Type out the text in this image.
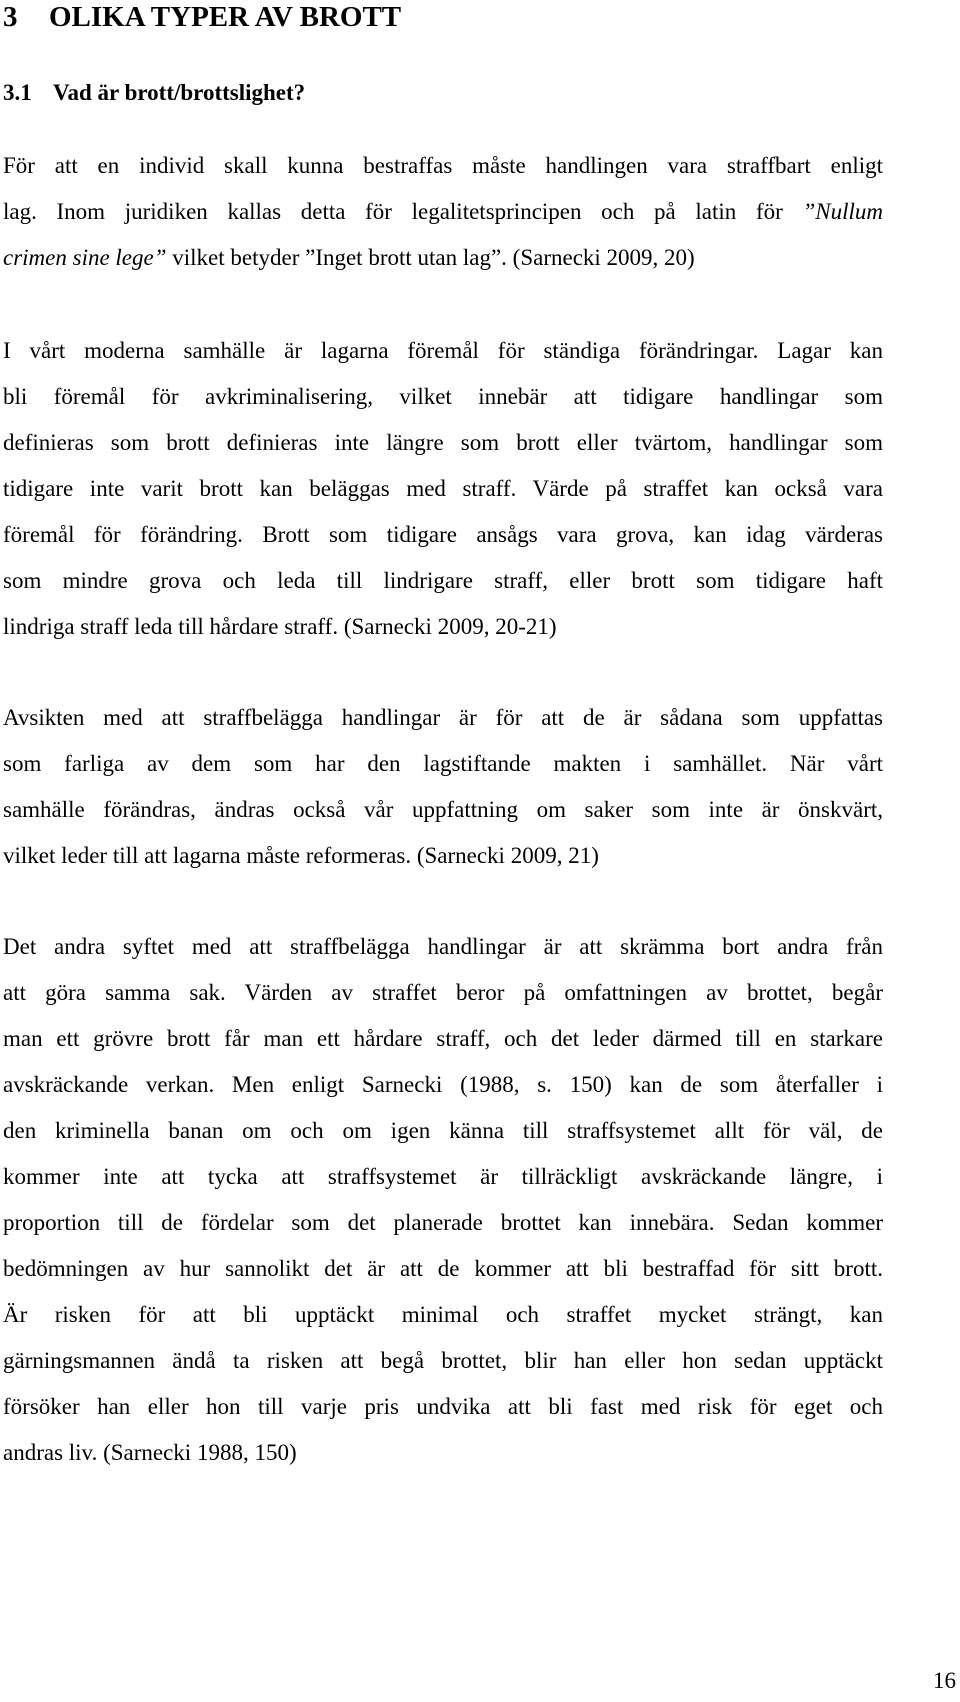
3 OLIKA TYPER AV BROTT
3.1 Vad är brott/brottslighet?
För att en individ skall kunna bestraffas måste handlingen vara straffbart enligt
lag. Inom juridiken kallas detta för legalitetsprincipen och på latin för ”Nullum
crimen sine lege” vilket betyder ”Inget brott utan lag”. (Sarnecki 2009, 20)
I vårt moderna samhälle är lagarna föremål för ständiga förändringar. Lagar kan
bli föremål för avkriminalisering, vilket innebär att tidigare handlingar som
definieras som brott definieras inte längre som brott eller tvärtom, handlingar som
tidigare inte varit brott kan beläggas med straff. Värde på straffet kan också vara
föremål för förändring. Brott som tidigare ansågs vara grova, kan idag värderas
som mindre grova och leda till lindrigare straff, eller brott som tidigare haft
lindriga straff leda till hårdare straff. (Sarnecki 2009, 20-21)
Avsikten med att straffbelägga handlingar är för att de är sådana som uppfattas
som farliga av dem som har den lagstiftande makten i samhället. När vårt
samhälle förändras, ändras också vår uppfattning om saker som inte är önskvärt,
vilket leder till att lagarna måste reformeras. (Sarnecki 2009, 21)
Det andra syftet med att straffbelägga handlingar är att skrämma bort andra från
att göra samma sak. Värden av straffet beror på omfattningen av brottet, begår
man ett grövre brott får man ett hårdare straff, och det leder därmed till en starkare
avskräckande verkan. Men enligt Sarnecki (1988, s. 150) kan de som återfaller i
den kriminella banan om och om igen känna till straffsystemet allt för väl, de
kommer inte att tycka att straffsystemet är tillräckligt avskräckande längre, i
proportion till de fördelar som det planerade brottet kan innebära. Sedan kommer
bedömningen av hur sannolikt det är att de kommer att bli bestraffad för sitt brott.
Är risken för att bli upptäckt minimal och straffet mycket strängt, kan
gärningsmannen ändå ta risken att begå brottet, blir han eller hon sedan upptäckt
försöker han eller hon till varje pris undvika att bli fast med risk för eget och
andras liv. (Sarnecki 1988, 150)
16
